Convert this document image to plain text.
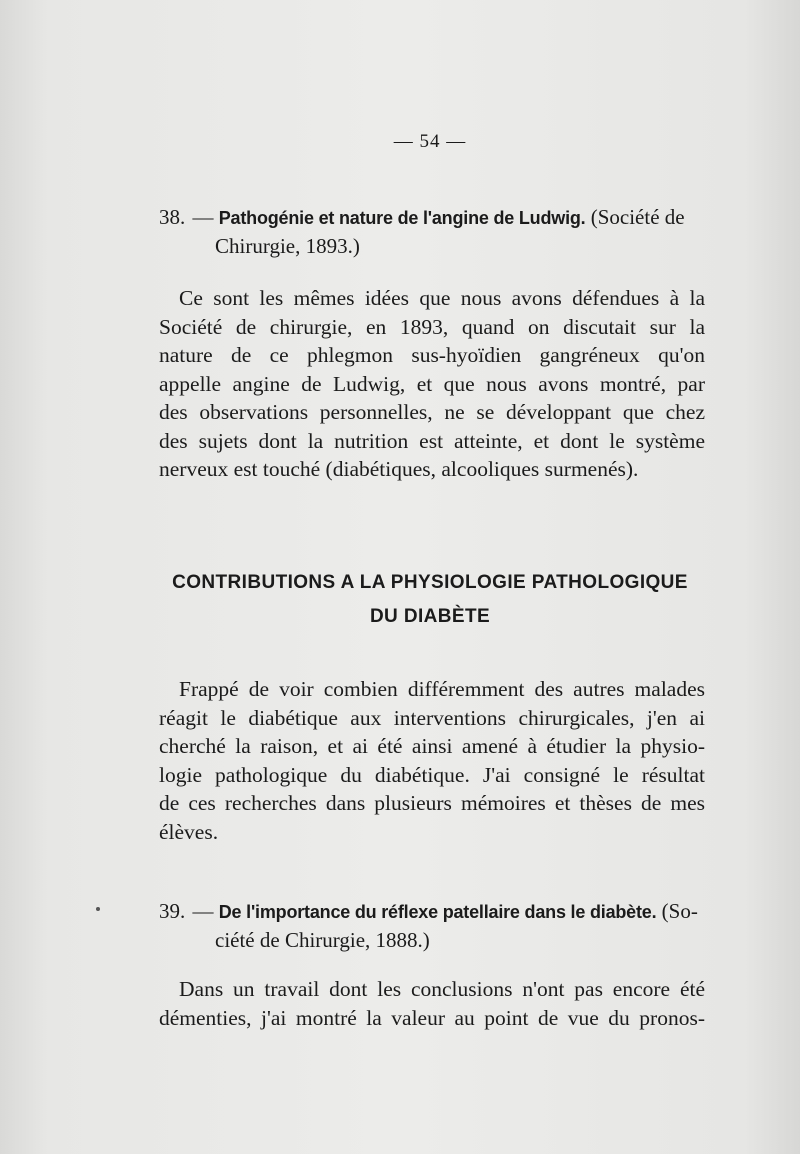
— 54 —
38. — Pathogénie et nature de l'angine de Ludwig. (Société de
Chirurgie, 1893.)
Ce sont les mêmes idées que nous avons défendues à la
Société de chirurgie, en 1893, quand on discutait sur la
nature de ce phlegmon sus-hyoïdien gangréneux qu'on
appelle angine de Ludwig, et que nous avons montré, par
des observations personnelles, ne se développant que chez
des sujets dont la nutrition est atteinte, et dont le système
nerveux est touché (diabétiques, alcooliques surmenés).
CONTRIBUTIONS A LA PHYSIOLOGIE PATHOLOGIQUE
DU DIABÈTE
Frappé de voir combien différemment des autres malades
réagit le diabétique aux interventions chirurgicales, j'en ai
cherché la raison, et ai été ainsi amené à étudier la physio-
logie pathologique du diabétique. J'ai consigné le résultat
de ces recherches dans plusieurs mémoires et thèses de mes
élèves.
39. — De l'importance du réflexe patellaire dans le diabète. (So-
ciété de Chirurgie, 1888.)
Dans un travail dont les conclusions n'ont pas encore été
démenties, j'ai montré la valeur au point de vue du pronos-
